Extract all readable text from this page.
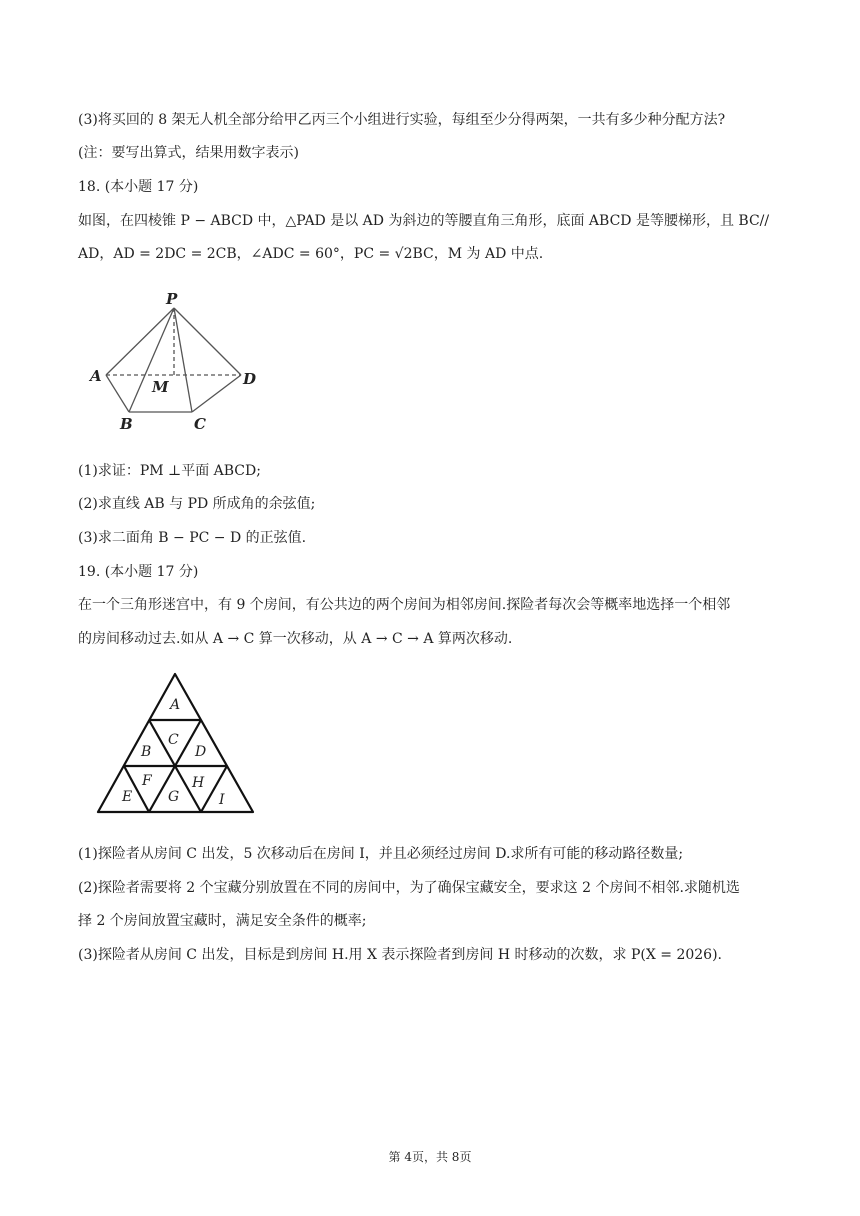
(3)将买回的 8 架无人机全部分给甲乙丙三个小组进行实验，每组至少分得两架，一共有多少种分配方法?
(注：要写出算式，结果用数字表示)
18. (本小题 17 分)
如图，在四棱锥 P − ABCD 中，△PAD 是以 AD 为斜边的等腰直角三角形，底面 ABCD 是等腰梯形，且 BC//
AD，AD = 2DC = 2CB，∠ADC = 60°，PC = √2BC，M 为 AD 中点.
P
A
M	D
B	C
(1)求证：PM ⊥平面 ABCD;
(2)求直线 AB 与 PD 所成角的余弦值;
(3)求二面角 B − PC − D 的正弦值.
19. (本小题 17 分)
在一个三角形迷宫中，有 9 个房间，有公共边的两个房间为相邻房间.探险者每次会等概率地选择一个相邻
的房间移动过去.如从 A → C 算一次移动，从 A → C → A 算两次移动.
A
B
C
D
E
F
G
H
I
(1)探险者从房间 C 出发，5 次移动后在房间 I，并且必须经过房间 D.求所有可能的移动路径数量;
(2)探险者需要将 2 个宝藏分别放置在不同的房间中，为了确保宝藏安全，要求这 2 个房间不相邻.求随机选
择 2 个房间放置宝藏时，满足安全条件的概率;
(3)探险者从房间 C 出发，目标是到房间 H.用 X 表示探险者到房间 H 时移动的次数，求 P(X = 2026).
第 4页，共 8页
